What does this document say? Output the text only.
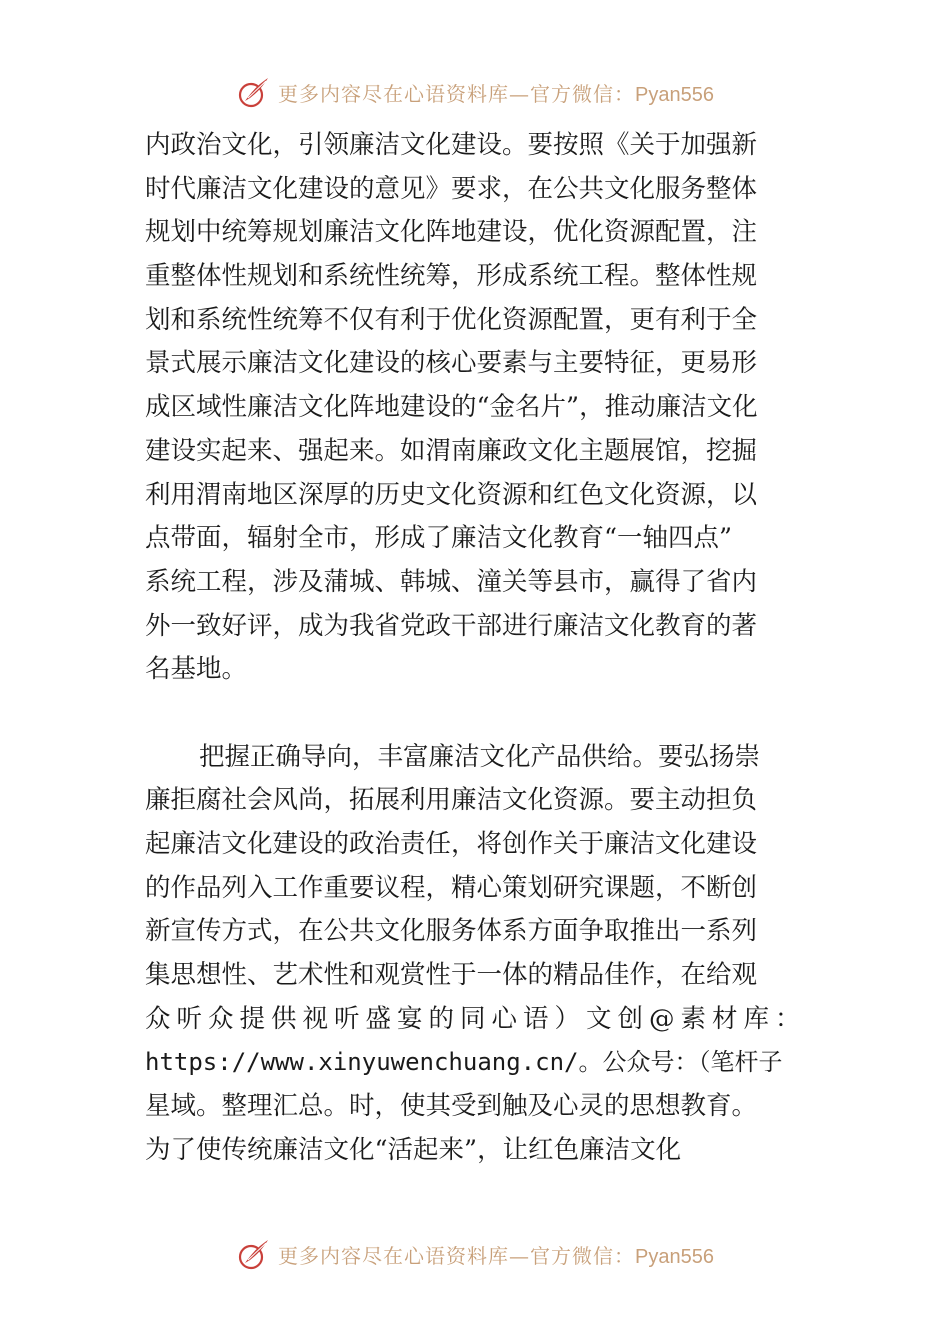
更多内容尽在心语资料库—官方微信：Pyan556
内政治文化，引领廉洁文化建设。要按照《关于加强新
时代廉洁文化建设的意见》要求，在公共文化服务整体
规划中统筹规划廉洁文化阵地建设，优化资源配置，注
重整体性规划和系统性统筹，形成系统工程。整体性规
划和系统性统筹不仅有利于优化资源配置，更有利于全
景式展示廉洁文化建设的核心要素与主要特征，更易形
成区域性廉洁文化阵地建设的“金名片”，推动廉洁文化
建设实起来、强起来。如渭南廉政文化主题展馆，挖掘
利用渭南地区深厚的历史文化资源和红色文化资源，以
点带面，辐射全市，形成了廉洁文化教育“一轴四点”
系统工程，涉及蒲城、韩城、潼关等县市，赢得了省内
外一致好评，成为我省党政干部进行廉洁文化教育的著
名基地。
把握正确导向，丰富廉洁文化产品供给。要弘扬崇
廉拒腐社会风尚，拓展利用廉洁文化资源。要主动担负
起廉洁文化建设的政治责任，将创作关于廉洁文化建设
的作品列入工作重要议程，精心策划研究课题，不断创
新宣传方式，在公共文化服务体系方面争取推出一系列
集思想性、艺术性和观赏性于一体的精品佳作，在给观
众听众提供视听盛宴的同心语）文创@素材库：
https://www.xinyuwenchuang.cn/。公众号：（笔杆子
星域。整理汇总。时，使其受到触及心灵的思想教育。
为了使传统廉洁文化“活起来”，让红色廉洁文化
更多内容尽在心语资料库—官方微信：Pyan556
